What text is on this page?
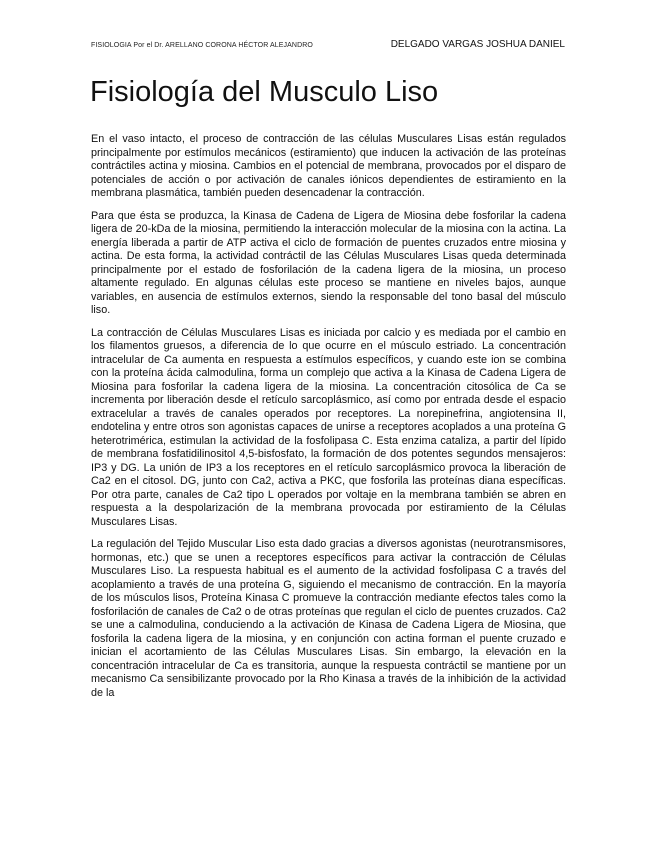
FISIOLOGIA Por el Dr. ARELLANO CORONA HÉCTOR ALEJANDRO	DELGADO VARGAS JOSHUA DANIEL
Fisiología del Musculo Liso

En el vaso intacto, el proceso de contracción de las células Musculares Lisas están regulados principalmente por estímulos mecánicos (estiramiento) que inducen la activación de las proteínas contráctiles actina y miosina. Cambios en el potencial de membrana, provocados por el disparo de potenciales de acción o por activación de canales iónicos dependientes de estiramiento en la membrana plasmática, también pueden desencadenar la contracción.

Para que ésta se produzca, la Kinasa de Cadena de Ligera de Miosina debe fosforilar la cadena ligera de 20-kDa de la miosina, permitiendo la interacción molecular de la miosina con la actina. La energía liberada a partir de ATP activa el ciclo de formación de puentes cruzados entre miosina y actina. De esta forma, la actividad contráctil de las Células Musculares Lisas queda determinada principalmente por el estado de fosforilación de la cadena ligera de la miosina, un proceso altamente regulado. En algunas células este proceso se mantiene en niveles bajos, aunque variables, en ausencia de estímulos externos, siendo la responsable del tono basal del músculo liso.

La contracción de Células Musculares Lisas es iniciada por calcio y es mediada por el cambio en los filamentos gruesos, a diferencia de lo que ocurre en el músculo estriado. La concentración intracelular de Ca aumenta en respuesta a estímulos específicos, y cuando este ion se combina con la proteína ácida calmodulina, forma un complejo que activa a la Kinasa de Cadena Ligera de Miosina para fosforilar la cadena ligera de la miosina. La concentración citosólica de Ca se incrementa por liberación desde el retículo sarcoplásmico, así como por entrada desde el espacio extracelular a través de canales operados por receptores. La norepinefrina, angiotensina II, endotelina y entre otros son agonistas capaces de unirse a receptores acoplados a una proteína G heterotrimérica, estimulan la actividad de la fosfolipasa C. Esta enzima cataliza, a partir del lípido de membrana fosfatidilinositol 4,5-bisfosfato, la formación de dos potentes segundos mensajeros: IP3 y DG. La unión de IP3 a los receptores en el retículo sarcoplásmico provoca la liberación de Ca2 en el citosol. DG, junto con Ca2, activa a PKC, que fosforila las proteínas diana específicas. Por otra parte, canales de Ca2 tipo L operados por voltaje en la membrana también se abren en respuesta a la despolarización de la membrana provocada por estiramiento de la Células Musculares Lisas.

La regulación del Tejido Muscular Liso esta dado gracias a diversos agonistas (neurotransmisores, hormonas, etc.) que se unen a receptores específicos para activar la contracción de Células Musculares Liso. La respuesta habitual es el aumento de la actividad fosfolipasa C a través del acoplamiento a través de una proteína G, siguiendo el mecanismo de contracción. En la mayoría de los músculos lisos, Proteína Kinasa C promueve la contracción mediante efectos tales como la fosforilación de canales de Ca2 o de otras proteínas que regulan el ciclo de puentes cruzados. Ca2 se une a calmodulina, conduciendo a la activación de Kinasa de Cadena Ligera de Miosina, que fosforila la cadena ligera de la miosina, y en conjunción con actina forman el puente cruzado e inician el acortamiento de las Células Musculares Lisas. Sin embargo, la elevación en la concentración intracelular de Ca es transitoria, aunque la respuesta contráctil se mantiene por un mecanismo Ca sensibilizante provocado por la Rho Kinasa a través de la inhibición de la actividad de la
